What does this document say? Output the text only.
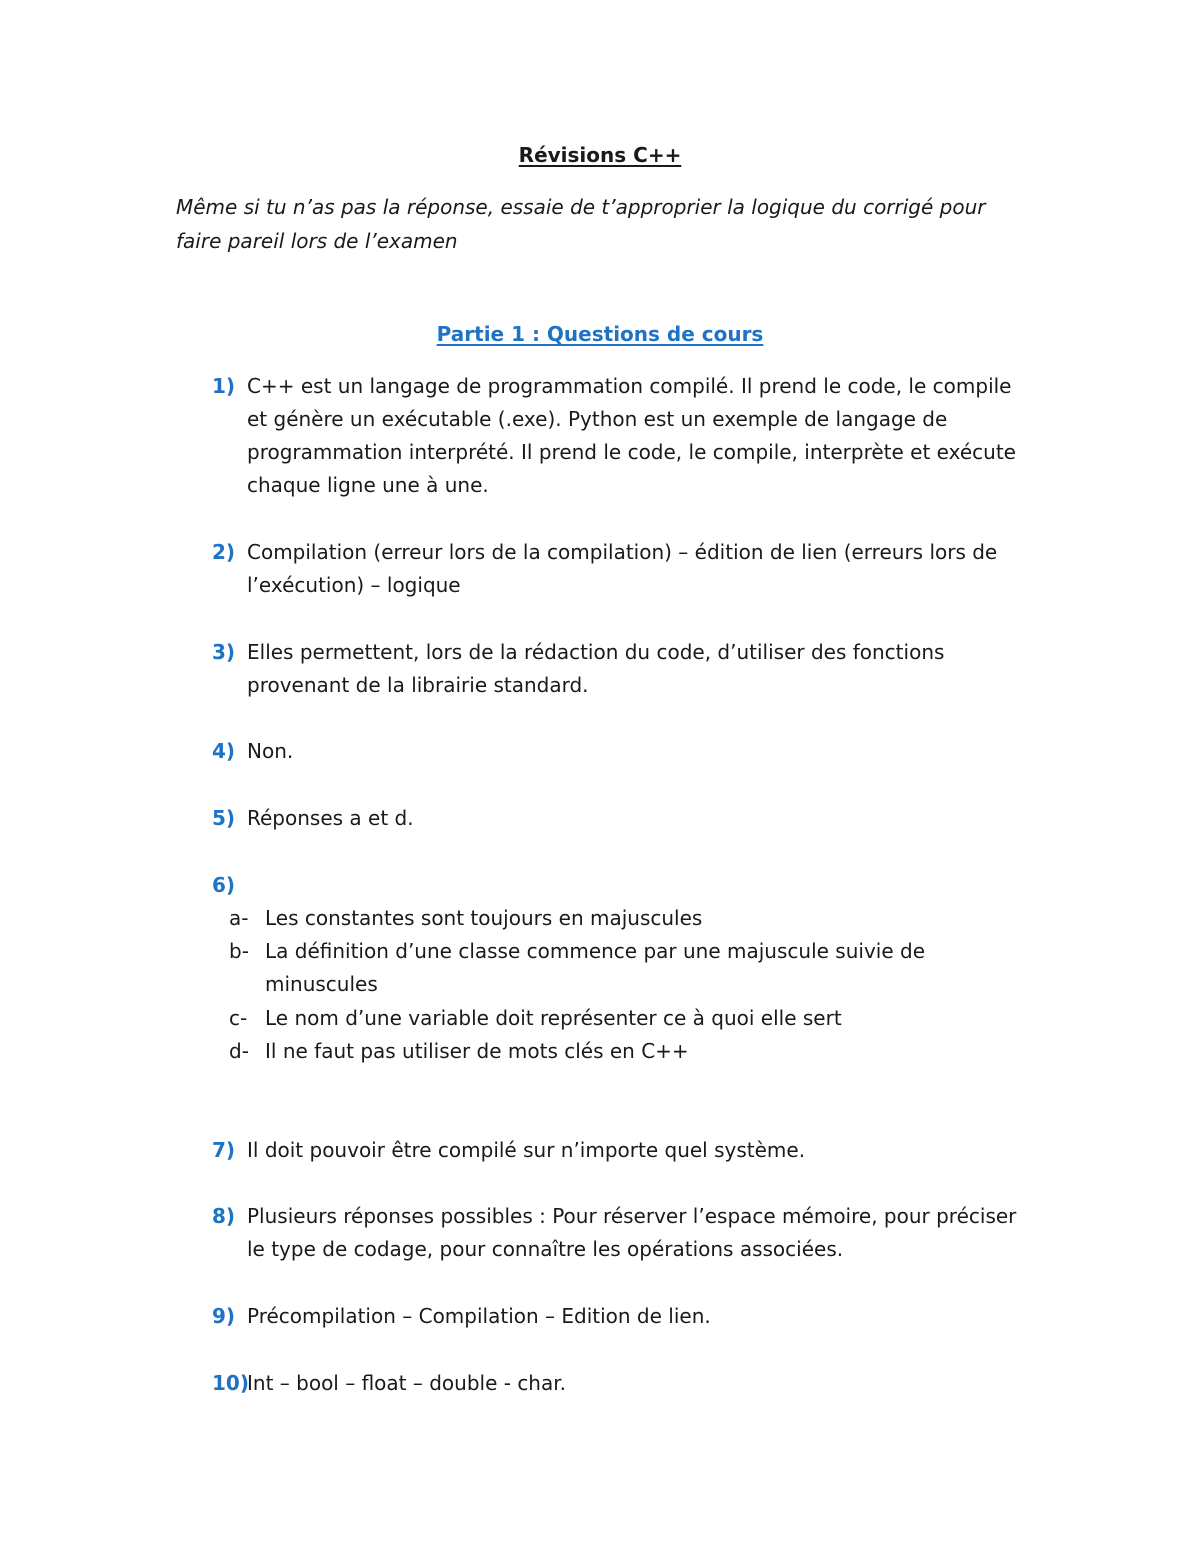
Révisions C++
Même si tu n’as pas la réponse, essaie de t’approprier la logique du corrigé pour faire pareil lors de l’examen
Partie 1 : Questions de cours
1) C++ est un langage de programmation compilé. Il prend le code, le compile et génère un exécutable (.exe). Python est un exemple de langage de programmation interprété. Il prend le code, le compile, interprète et exécute chaque ligne une à une.
2) Compilation (erreur lors de la compilation) – édition de lien (erreurs lors de l’exécution) – logique
3) Elles permettent, lors de la rédaction du code, d’utiliser des fonctions provenant de la librairie standard.
4) Non.
5) Réponses a et d.
6)
a- Les constantes sont toujours en majuscules
b- La définition d’une classe commence par une majuscule suivie de minuscules
c- Le nom d’une variable doit représenter ce à quoi elle sert
d- Il ne faut pas utiliser de mots clés en C++
7) Il doit pouvoir être compilé sur n’importe quel système.
8) Plusieurs réponses possibles : Pour réserver l’espace mémoire, pour préciser le type de codage, pour connaître les opérations associées.
9) Précompilation – Compilation – Edition de lien.
10)
Int – bool – float – double - char.
